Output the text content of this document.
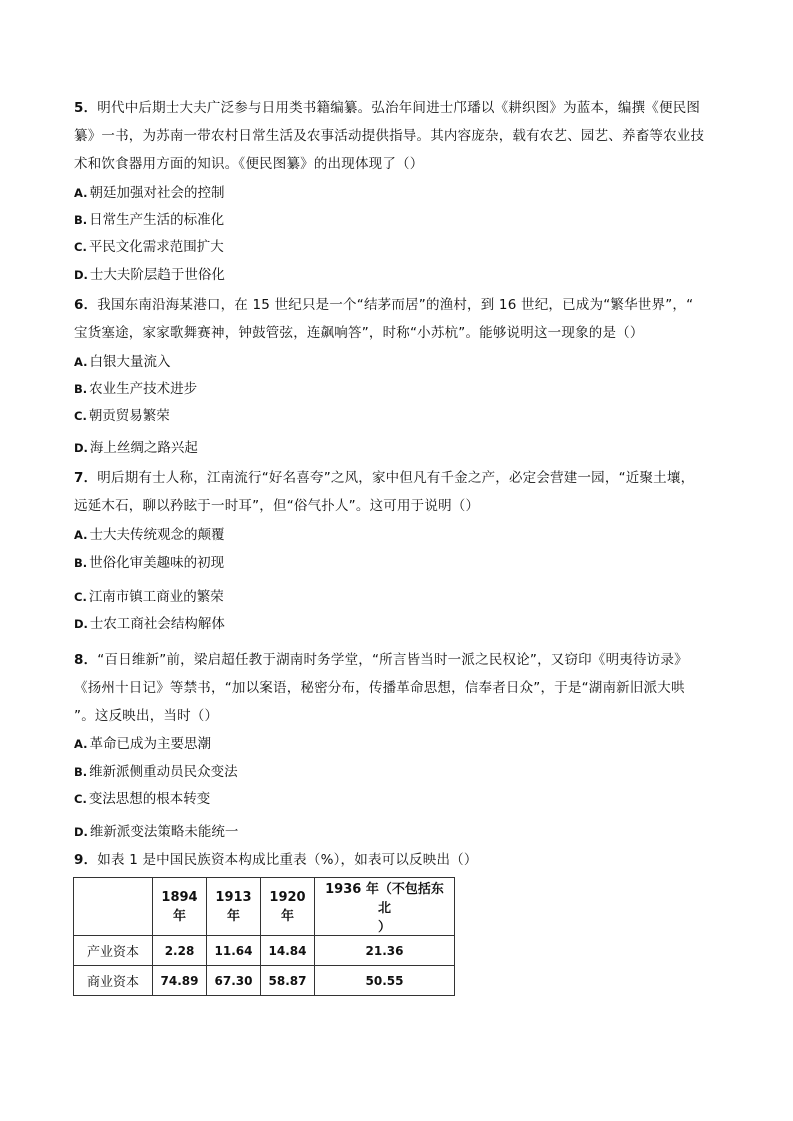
5．明代中后期士大夫广泛参与日用类书籍编纂。弘治年间进士邝璠以《耕织图》为蓝本，编撰《便民图
纂》一书，为苏南一带农村日常生活及农事活动提供指导。其内容庞杂，载有农艺、园艺、养畜等农业技
术和饮食器用方面的知识。《便民图纂》的出现体现了（）
A. 朝廷加强对社会的控制
B. 日常生产生活的标准化
C. 平民文化需求范围扩大
D. 士大夫阶层趋于世俗化
6．我国东南沿海某港口，在 15 世纪只是一个“结茅而居”的渔村，到 16 世纪，已成为“繁华世界”，“
宝货塞途，家家歌舞赛神，钟鼓管弦，连飙响答”，时称“小苏杭”。能够说明这一现象的是（）
A. 白银大量流入
B. 农业生产技术进步
C. 朝贡贸易繁荣
D. 海上丝绸之路兴起
7．明后期有士人称，江南流行“好名喜夸”之风，家中但凡有千金之产，必定会营建一园，“近聚土壤，
远延木石，聊以矜眩于一时耳”，但“俗气扑人”。这可用于说明（）
A. 士大夫传统观念的颠覆
B. 世俗化审美趣味的初现
C. 江南市镇工商业的繁荣
D. 士农工商社会结构解体
8．“百日维新”前，梁启超任教于湖南时务学堂，“所言皆当时一派之民权论”，又窃印《明夷待访录》
《扬州十日记》等禁书，“加以案语，秘密分布，传播革命思想，信奉者日众”，于是“湖南新旧派大哄
”。这反映出，当时（）
A. 革命已成为主要思潮
B. 维新派侧重动员民众变法
C. 变法思想的根本转变
D. 维新派变法策略未能统一
9．如表 1 是中国民族资本构成比重表（%），如表可以反映出（）
	1894 年	1913 年	1920 年	1936 年（不包括东北
）
产业资本	2.28	11.64	14.84	21.36
商业资本	74.89	67.30	58.87	50.55
